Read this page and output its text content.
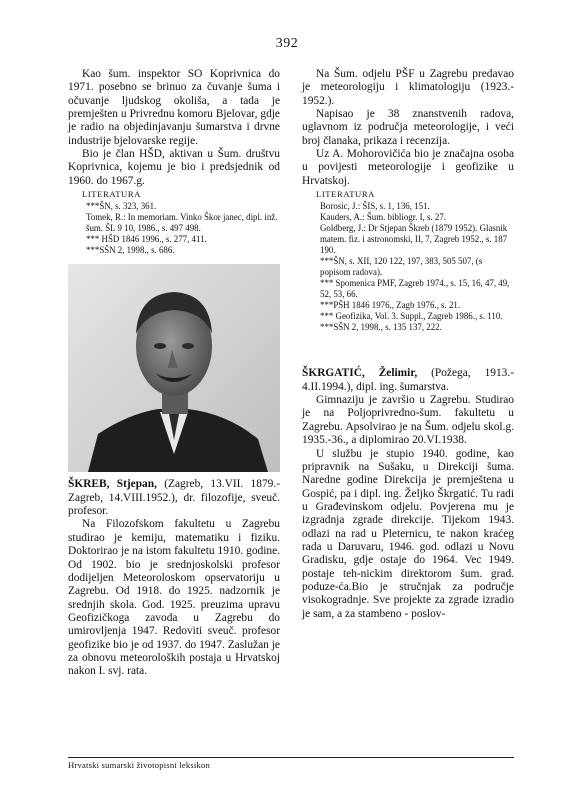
392

Kao šum. inspektor SO Koprivnica do 1971. posebno se brinuo za čuvanje šuma i očuvanje ljudskog okoliša, a tada je premješten u Privrednu komoru Bjelovar, gdje je radio na objedinjavanju šumarstva i drvne industrije bjelovarske regije.

Bio je član HŠD, aktivan u Šum. društvu Koprivnica, kojemu je bio i predsjednik od 1960. do 1967.g.

LITERATURA

***ŠN, s. 323, 361.
Tomek, R.: In memoriam. Vinko Škor janec, dipl. inž. šum. ŠL 9 10, 1986., s. 497 498.
*** HŠD 1846 1996., s. 277, 411.
***SŠN 2, 1998., s. 686.

ŠKREB, Stjepan, (Zagreb, 13.VII. 1879.- Zagreb, 14.VIII.1952.), dr. filozofije, sveuč. profesor.

Na Filozofskom fakultetu u Zagrebu studirao je kemiju, matematiku i fiziku. Doktorirao je na istom fakultetu 1910. godine. Od 1902. bio je srednjoskolski profesor dodijeljen Meteoroloskom opservatoriju u Zagrebu. Od 1918. do 1925. nadzornik je srednjih skola. God. 1925. preuzima upravu Geofizičkoga zavoda u Zagrebu do umirovljenja 1947. Redoviti sveuč. profesor geofizike bio je od 1937. do 1947. Zaslužan je za obnovu meteoroloških postaja u Hrvatskoj nakon I. svj. rata.

Na Šum. odjelu PŠF u Zagrebu predavao je meteorologiju i klimatologiju (1923.- 1952.).

Napisao je 38 znanstvenih radova, uglavnom iz područja meteorologije, i veći broj članaka, prikaza i recenzija.

Uz A. Mohorovičića bio je značajna osoba u povijesti meteorologije i geofizike u Hrvatskoj.

LITERATURA

Borosic, J.: ŠIS, s. 1, 136, 151.
Kauders, A.: Šum. bibliogr. I, s. 27.
Goldberg, J.: Dr Stjepan Škreb (1879 1952). Glasnik matem. fiz. i astronomski, II, 7, Zagreb 1952., s. 187 190.
***ŠN, s. XII, 120 122, 197, 383, 505 507, (s popisom radova).
*** Spomenica PMF, Zagreb 1974., s. 15, 16, 47, 49, 52, 53, 66.
***PŠH 1846 1976., Zagb 1976., s. 21.
*** Geofizika, Vol. 3. Suppl., Zagreb 1986., s. 110.
***SŠN 2, 1998., s. 135 137, 222.

ŠKRGATIĆ, Želimir, (Požega, 1913.- 4.II.1994.), dipl. ing. šumarstva.

Gimnaziju je završio u Zagrebu. Studirao je na Poljoprivredno-šum. fakultetu u Zagrebu. Apsolvirao je na Šum. odjelu skol.g. 1935.-36., a diplomirao 20.VI.1938.

U službu je stupio 1940. godine, kao pripravnik na Sušaku, u Direkciji šuma. Naredne godine Direkcija je premještena u Gospić, pa i dipl. ing. Željko Škrgatić. Tu radi u Građevinskom odjelu. Povjerena mu je izgradnja zgrade direkcije. Tijekom 1943. odlazi na rad u Pleternicu, te nakon kraćeg rada u Daruvaru, 1946. god. odlazi u Novu Gradisku, gdje ostaje do 1964. Vec 1949. postaje teh-nickim direktorom šum. grad. poduze-ća.Bio je stručnjak za područje visokogradnje. Sve projekte za zgrade izradio je sam, a za stambeno - poslov-

Hrvatski sumarski životopisni leksikon
